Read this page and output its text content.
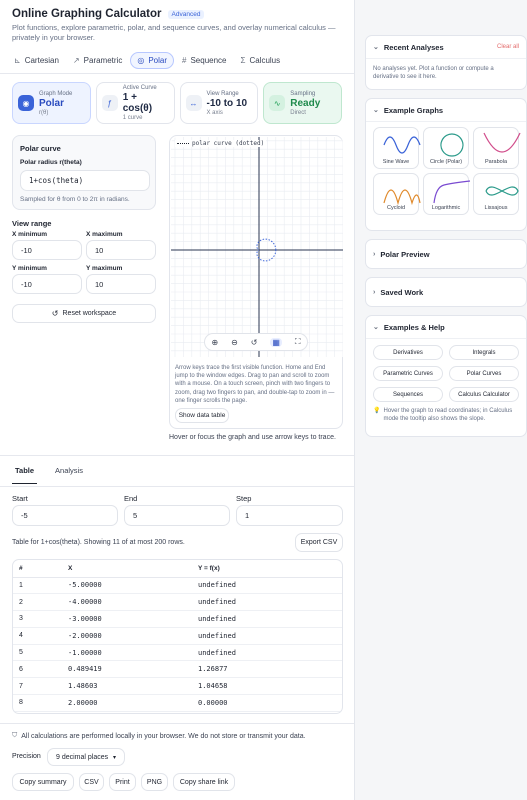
Online Graphing Calculator	Advanced
Plot functions, explore parametric, polar, and sequence curves, and overlay numerical calculus — privately in your browser.
⊾ Cartesian ↗ Parametric ◎ Polar # Sequence Σ Calculus
◉
Graph Mode
Polar
r(θ)
ƒ
Active Curve
1 + cos(θ)
1 curve
↔
View Range
-10 to 10
X axis
∿
Sampling
Ready
Direct
Polar curve
Polar radius r(theta)
1+cos(theta)
Sampled for θ from 0 to 2π in radians.
View range
X minimum	X maximum
-10	10
Y minimum	Y maximum
-10	10
↺ Reset workspace
polar curve (dotted)
⊕ ⊖ ↺ ▦ ⛶
Arrow keys trace the first visible function. Home and End jump to the window edges. Drag to pan and scroll to zoom with a mouse. On a touch screen, pinch with two fingers to zoom, drag two fingers to pan, and double-tap to zoom in — one finger scrolls the page.
Show data table
Hover or focus the graph and use arrow keys to trace.
Table	Analysis
Start	End	Step
-5	5	1
Table for 1+cos(theta). Showing 11 of at most 200 rows.	Export CSV
#	X	Y = f(x)
1	-5.00000	undefined
2	-4.00000	undefined
3	-3.00000	undefined
4	-2.00000	undefined
5	-1.00000	undefined
6	0.489419	1.26877
7	1.48603	1.04658
8	2.00000	0.00000
⛉ All calculations are performed locally in your browser. We do not store or transmit your data.
Precision 9 decimal places ▾
Copy summary	CSV	Print	PNG	Copy share link
⌄ Recent Analyses	Clear all
No analyses yet. Plot a function or compute a derivative to see it here.
⌄ Example Graphs
Sine Wave	Circle (Polar)	Parabola
Cycloid	Logarithmic	Lissajous
› Polar Preview
› Saved Work
⌄ Examples & Help
Derivatives	Integrals
Parametric Curves	Polar Curves
Sequences	Calculus Calculator
💡 Hover the graph to read coordinates; in Calculus mode the tooltip also shows the slope.
